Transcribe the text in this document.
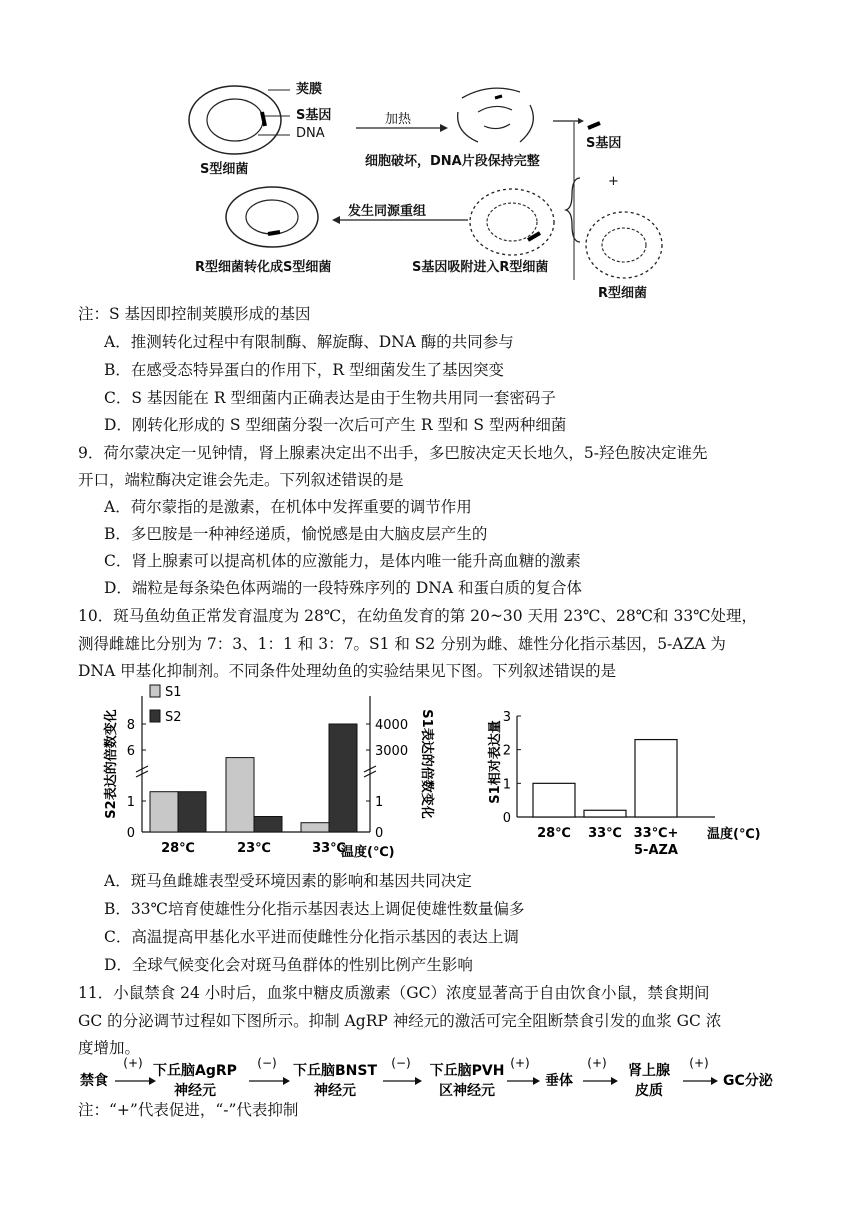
荚膜
S基因
DNA
S型细菌
加热
细胞破坏，DNA片段保持完整
S基因
+
R型细菌
发生同源重组
S基因吸附进入R型细菌
R型细菌转化成S型细菌
注：S 基因即控制荚膜形成的基因
A．推测转化过程中有限制酶、解旋酶、DNA 酶的共同参与
B．在感受态特异蛋白的作用下，R 型细菌发生了基因突变
C．S 基因能在 R 型细菌内正确表达是由于生物共用同一套密码子
D．刚转化形成的 S 型细菌分裂一次后可产生 R 型和 S 型两种细菌
9．荷尔蒙决定一见钟情，肾上腺素决定出不出手，多巴胺决定天长地久，5-羟色胺决定谁先
开口，端粒酶决定谁会先走。下列叙述错误的是
A．荷尔蒙指的是激素，在机体中发挥重要的调节作用
B．多巴胺是一种神经递质，愉悦感是由大脑皮层产生的
C．肾上腺素可以提高机体的应激能力，是体内唯一能升高血糖的激素
D．端粒是每条染色体两端的一段特殊序列的 DNA 和蛋白质的复合体
10．斑马鱼幼鱼正常发育温度为 28℃，在幼鱼发育的第 20~30 天用 23℃、28℃和 33℃处理，
测得雌雄比分别为 7：3、1：1 和 3：7。S1 和 S2 分别为雌、雄性分化指示基因，5-AZA 为
DNA 甲基化抑制剂。不同条件处理幼鱼的实验结果见下图。下列叙述错误的是
28℃	23℃	33℃
0
1
6
8
0
1
3000
4000
S1
S2
S2表达的倍数变化	S1表达的倍数变化
温度(℃)
28℃ 33℃ 33℃+
5-AZA
0
1
2
3
S1相对表达量
温度(℃)
A．斑马鱼雌雄表型受环境因素的影响和基因共同决定
B．33℃培育使雄性分化指示基因表达上调促使雄性数量偏多
C．高温提高甲基化水平进而使雌性分化指示基因的表达上调
D．全球气候变化会对斑马鱼群体的性别比例产生影响
11．小鼠禁食 24 小时后，血浆中糖皮质激素（GC）浓度显著高于自由饮食小鼠，禁食期间
GC 的分泌调节过程如下图所示。抑制 AgRP 神经元的激活可完全阻断禁食引发的血浆 GC 浓
度增加。
禁食
下丘脑AgRP
神经元
下丘脑BNST
神经元
下丘脑PVH
区神经元
垂体
肾上腺
皮质
GC分泌
(+)	(−)	(−)	(+)	(+)	(+)
注：“+”代表促进，“-”代表抑制
